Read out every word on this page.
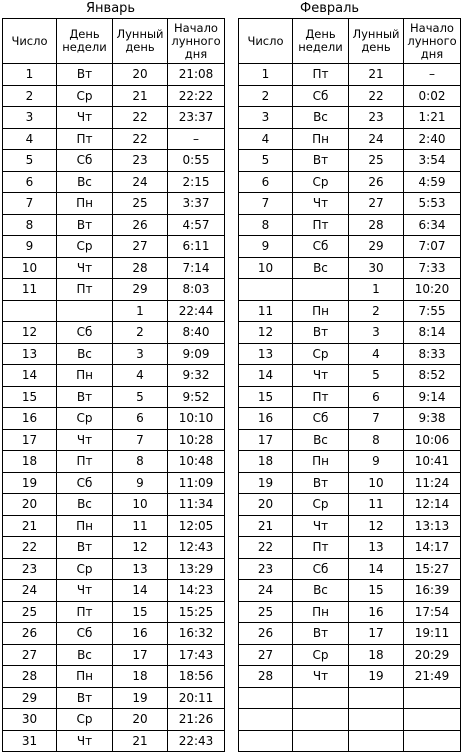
Январь	Февраль
Число	День недели	Лунный день	Начало лунного дня
1	Вт	20	21:08
2	Ср	21	22:22
3	Чт	22	23:37
4	Пт	22	–
5	Сб	23	0:55
6	Вс	24	2:15
7	Пн	25	3:37
8	Вт	26	4:57
9	Ср	27	6:11
10	Чт	28	7:14
11	Пт	29	8:03
		1	22:44
12	Сб	2	8:40
13	Вс	3	9:09
14	Пн	4	9:32
15	Вт	5	9:52
16	Ср	6	10:10
17	Чт	7	10:28
18	Пт	8	10:48
19	Сб	9	11:09
20	Вс	10	11:34
21	Пн	11	12:05
22	Вт	12	12:43
23	Ср	13	13:29
24	Чт	14	14:23
25	Пт	15	15:25
26	Сб	16	16:32
27	Вс	17	17:43
28	Пн	18	18:56
29	Вт	19	20:11
30	Ср	20	21:26
31	Чт	21	22:43
Число	День недели	Лунный день	Начало лунного дня
1	Пт	21	–
2	Сб	22	0:02
3	Вс	23	1:21
4	Пн	24	2:40
5	Вт	25	3:54
6	Ср	26	4:59
7	Чт	27	5:53
8	Пт	28	6:34
9	Сб	29	7:07
10	Вс	30	7:33
		1	10:20
11	Пн	2	7:55
12	Вт	3	8:14
13	Ср	4	8:33
14	Чт	5	8:52
15	Пт	6	9:14
16	Сб	7	9:38
17	Вс	8	10:06
18	Пн	9	10:41
19	Вт	10	11:24
20	Ср	11	12:14
21	Чт	12	13:13
22	Пт	13	14:17
23	Сб	14	15:27
24	Вс	15	16:39
25	Пн	16	17:54
26	Вт	17	19:11
27	Ср	18	20:29
28	Чт	19	21:49
